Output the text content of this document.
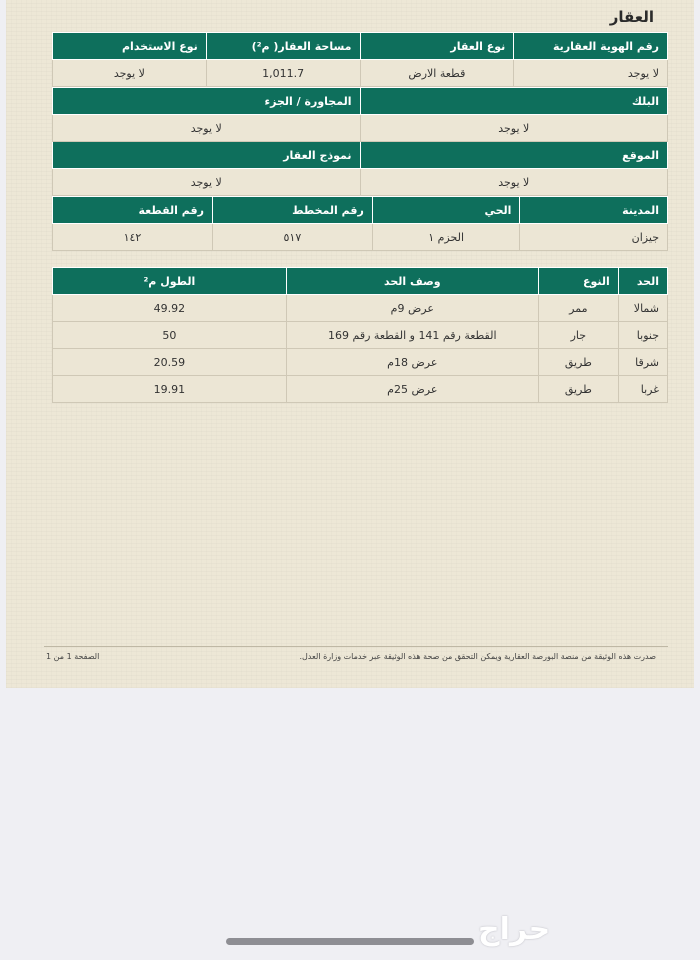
العقار
رقم الهوية العقارية	نوع العقار	مساحة العقار( م²)	نوع الاستخدام
لا يوجد	قطعة الارض	1,011.7	لا يوجد
البلك	المجاورة / الجزء
لا يوجد	لا يوجد
الموقع	نموذج العقار
لا يوجد	لا يوجد
المدينة	الحي	رقم المخطط	رقم القطعة
جيزان	الحزم ١	٥١٧	١٤٢
الحد	النوع	وصف الحد	الطول م²
شمالا	ممر	عرض 9م	49.92
جنوبا	جار	القطعة رقم 141 و القطعة رقم 169	50
شرقا	طريق	عرض 18م	20.59
غربا	طريق	عرض 25م	19.91
صدرت هذه الوثيقة من منصة البورصة العقارية ويمكن التحقق من صحة هذه الوثيقة عبر خدمات وزارة العدل.
الصفحة 1 من 1
حراج
